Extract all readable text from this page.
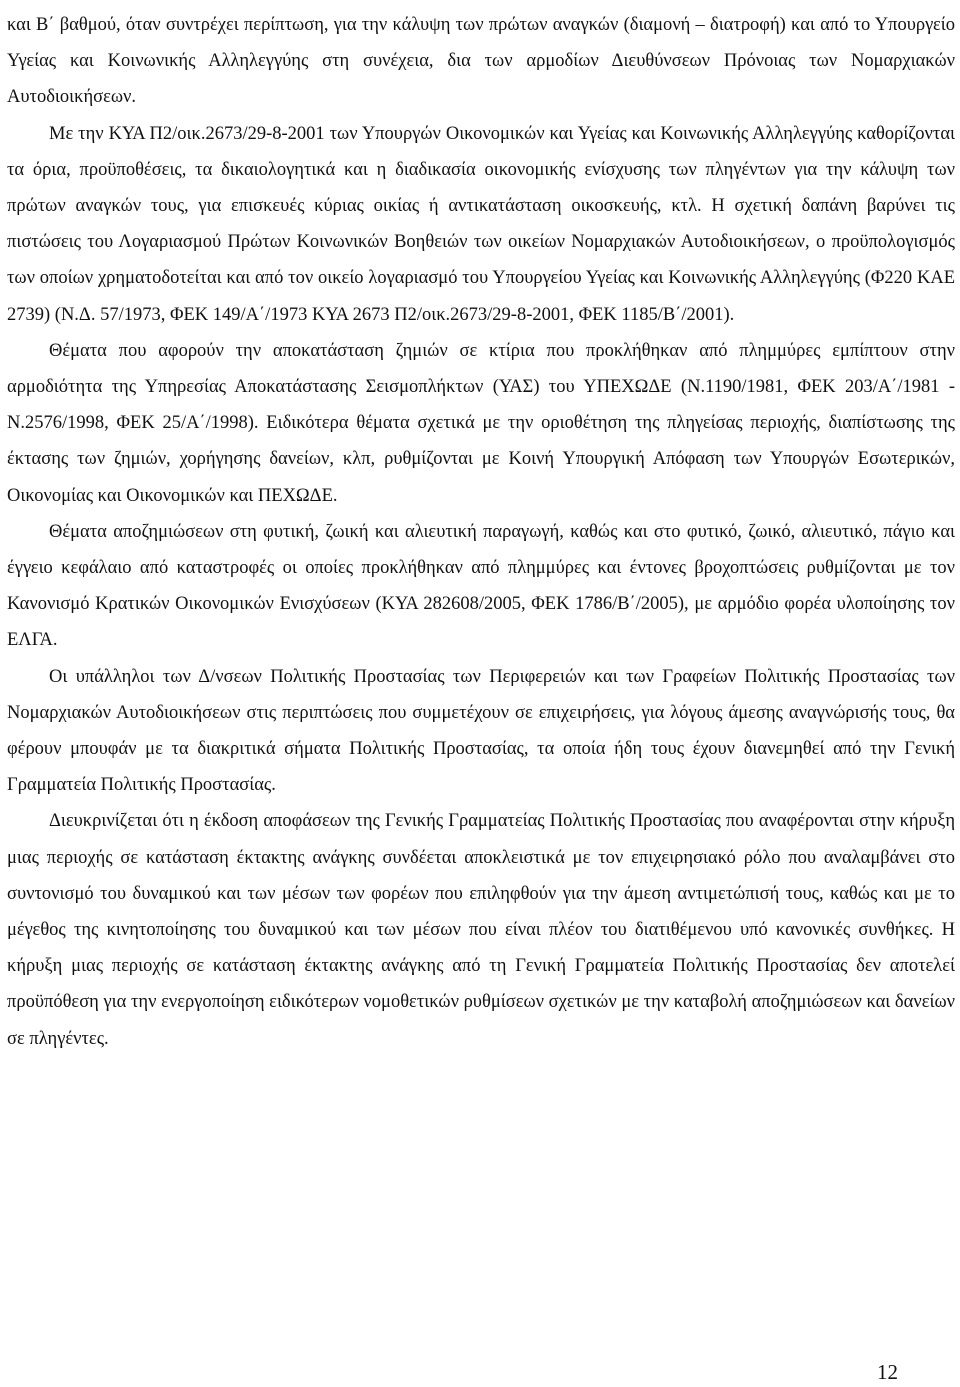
και Β΄ βαθμού, όταν συντρέχει περίπτωση, για την κάλυψη των πρώτων αναγκών (διαμονή – διατροφή) και από το Υπουργείο Υγείας και Κοινωνικής Αλληλεγγύης στη συνέχεια, δια των αρμοδίων Διευθύνσεων Πρόνοιας των Νομαρχιακών Αυτοδιοικήσεων.

Με την ΚΥΑ Π2/οικ.2673/29-8-2001 των Υπουργών Οικονομικών και Υγείας και Κοινωνικής Αλληλεγγύης καθορίζονται τα όρια, προϋποθέσεις, τα δικαιολογητικά και η διαδικασία οικονομικής ενίσχυσης των πληγέντων για την κάλυψη των πρώτων αναγκών τους, για επισκευές κύριας οικίας ή αντικατάσταση οικοσκευής, κτλ. Η σχετική δαπάνη βαρύνει τις πιστώσεις του Λογαριασμού Πρώτων Κοινωνικών Βοηθειών των οικείων Νομαρχιακών Αυτοδιοικήσεων, ο προϋπολογισμός των οποίων χρηματοδοτείται και από τον οικείο λογαριασμό του Υπουργείου Υγείας και Κοινωνικής Αλληλεγγύης (Φ220 ΚΑΕ 2739) (Ν.Δ. 57/1973, ΦΕΚ 149/Α΄/1973 ΚΥΑ 2673 Π2/οικ.2673/29-8-2001, ΦΕΚ 1185/Β΄/2001).

Θέματα που αφορούν την αποκατάσταση ζημιών σε κτίρια που προκλήθηκαν από πλημμύρες εμπίπτουν στην αρμοδιότητα της Υπηρεσίας Αποκατάστασης Σεισμοπλήκτων (ΥΑΣ) του ΥΠΕΧΩΔΕ (Ν.1190/1981, ΦΕΚ 203/Α΄/1981 - Ν.2576/1998, ΦΕΚ 25/Α΄/1998). Ειδικότερα θέματα σχετικά με την οριοθέτηση της πληγείσας περιοχής, διαπίστωσης της έκτασης των ζημιών, χορήγησης δανείων, κλπ, ρυθμίζονται με Κοινή Υπουργική Απόφαση των Υπουργών Εσωτερικών, Οικονομίας και Οικονομικών και ΠΕΧΩΔΕ.

Θέματα αποζημιώσεων στη φυτική, ζωική και αλιευτική παραγωγή, καθώς και στο φυτικό, ζωικό, αλιευτικό, πάγιο και έγγειο κεφάλαιο από καταστροφές οι οποίες προκλήθηκαν από πλημμύρες και έντονες βροχοπτώσεις ρυθμίζονται με τον Κανονισμό Κρατικών Οικονομικών Ενισχύσεων (ΚΥΑ 282608/2005, ΦΕΚ 1786/Β΄/2005), με αρμόδιο φορέα υλοποίησης τον ΕΛΓΑ.

Οι υπάλληλοι των Δ/νσεων Πολιτικής Προστασίας των Περιφερειών και των Γραφείων Πολιτικής Προστασίας των Νομαρχιακών Αυτοδιοικήσεων στις περιπτώσεις που συμμετέχουν σε επιχειρήσεις, για λόγους άμεσης αναγνώρισής τους, θα φέρουν μπουφάν με τα διακριτικά σήματα Πολιτικής Προστασίας, τα οποία ήδη τους έχουν διανεμηθεί από την Γενική Γραμματεία Πολιτικής Προστασίας.

Διευκρινίζεται ότι η έκδοση αποφάσεων της Γενικής Γραμματείας Πολιτικής Προστασίας που αναφέρονται στην κήρυξη μιας περιοχής σε κατάσταση έκτακτης ανάγκης συνδέεται αποκλειστικά με τον επιχειρησιακό ρόλο που αναλαμβάνει στο συντονισμό του δυναμικού και των μέσων των φορέων που επιληφθούν για την άμεση αντιμετώπισή τους, καθώς και με το μέγεθος της κινητοποίησης του δυναμικού και των μέσων που είναι πλέον του διατιθέμενου υπό κανονικές συνθήκες. Η κήρυξη μιας περιοχής σε κατάσταση έκτακτης ανάγκης από τη Γενική Γραμματεία Πολιτικής Προστασίας δεν αποτελεί προϋπόθεση για την ενεργοποίηση ειδικότερων νομοθετικών ρυθμίσεων σχετικών με την καταβολή αποζημιώσεων και δανείων σε πληγέντες.

12
